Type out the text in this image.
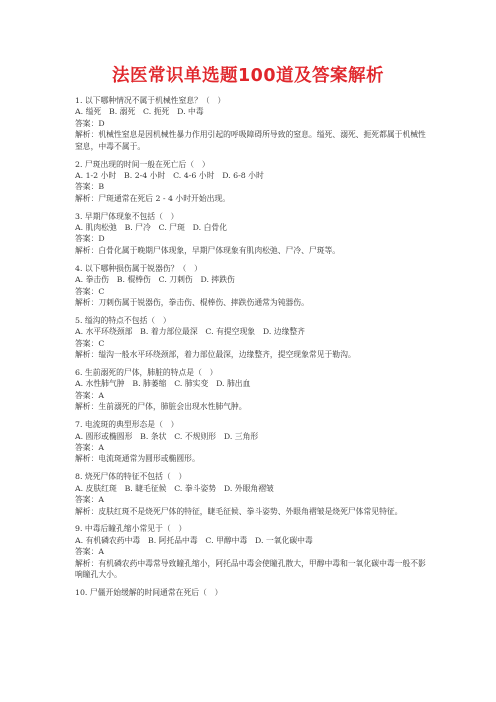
法医常识单选题100道及答案解析
1. 以下哪种情况不属于机械性窒息？（　）
A. 缢死　B. 溺死　C. 扼死　D. 中毒
答案：D
解析：机械性窒息是因机械性暴力作用引起的呼吸障碍所导致的窒息。缢死、溺死、扼死都属于机械性窒息，中毒不属于。
2. 尸斑出现的时间一般在死亡后（　）
A. 1-2 小时　B. 2-4 小时　C. 4-6 小时　D. 6-8 小时
答案：B
解析：尸斑通常在死后 2 - 4 小时开始出现。
3. 早期尸体现象不包括（　）
A. 肌肉松弛　B. 尸冷　C. 尸斑　D. 白骨化
答案：D
解析：白骨化属于晚期尸体现象，早期尸体现象有肌肉松弛、尸冷、尸斑等。
4. 以下哪种损伤属于锐器伤？（　）
A. 拳击伤　B. 棍棒伤　C. 刀刺伤　D. 摔跌伤
答案：C
解析：刀刺伤属于锐器伤，拳击伤、棍棒伤、摔跌伤通常为钝器伤。
5. 缢沟的特点不包括（　）
A. 水平环绕颈部　B. 着力部位最深　C. 有提空现象　D. 边缘整齐
答案：C
解析：缢沟一般水平环绕颈部，着力部位最深，边缘整齐，提空现象常见于勒沟。
6. 生前溺死的尸体，肺脏的特点是（　）
A. 水性肺气肿　B. 肺萎缩　C. 肺实变　D. 肺出血
答案：A
解析：生前溺死的尸体，肺脏会出现水性肺气肿。
7. 电流斑的典型形态是（　）
A. 圆形或椭圆形　B. 条状　C. 不规则形　D. 三角形
答案：A
解析：电流斑通常为圆形或椭圆形。
8. 烧死尸体的特征不包括（　）
A. 皮肤红斑　B. 睫毛征候　C. 拳斗姿势　D. 外眼角褶皱
答案：A
解析：皮肤红斑不是烧死尸体的特征，睫毛征候、拳斗姿势、外眼角褶皱是烧死尸体常见特征。
9. 中毒后瞳孔缩小常见于（　）
A. 有机磷农药中毒　B. 阿托品中毒　C. 甲醇中毒　D. 一氧化碳中毒
答案：A
解析：有机磷农药中毒常导致瞳孔缩小，阿托品中毒会使瞳孔散大，甲醇中毒和一氧化碳中毒一般不影响瞳孔大小。
10. 尸僵开始缓解的时间通常在死后（　）
